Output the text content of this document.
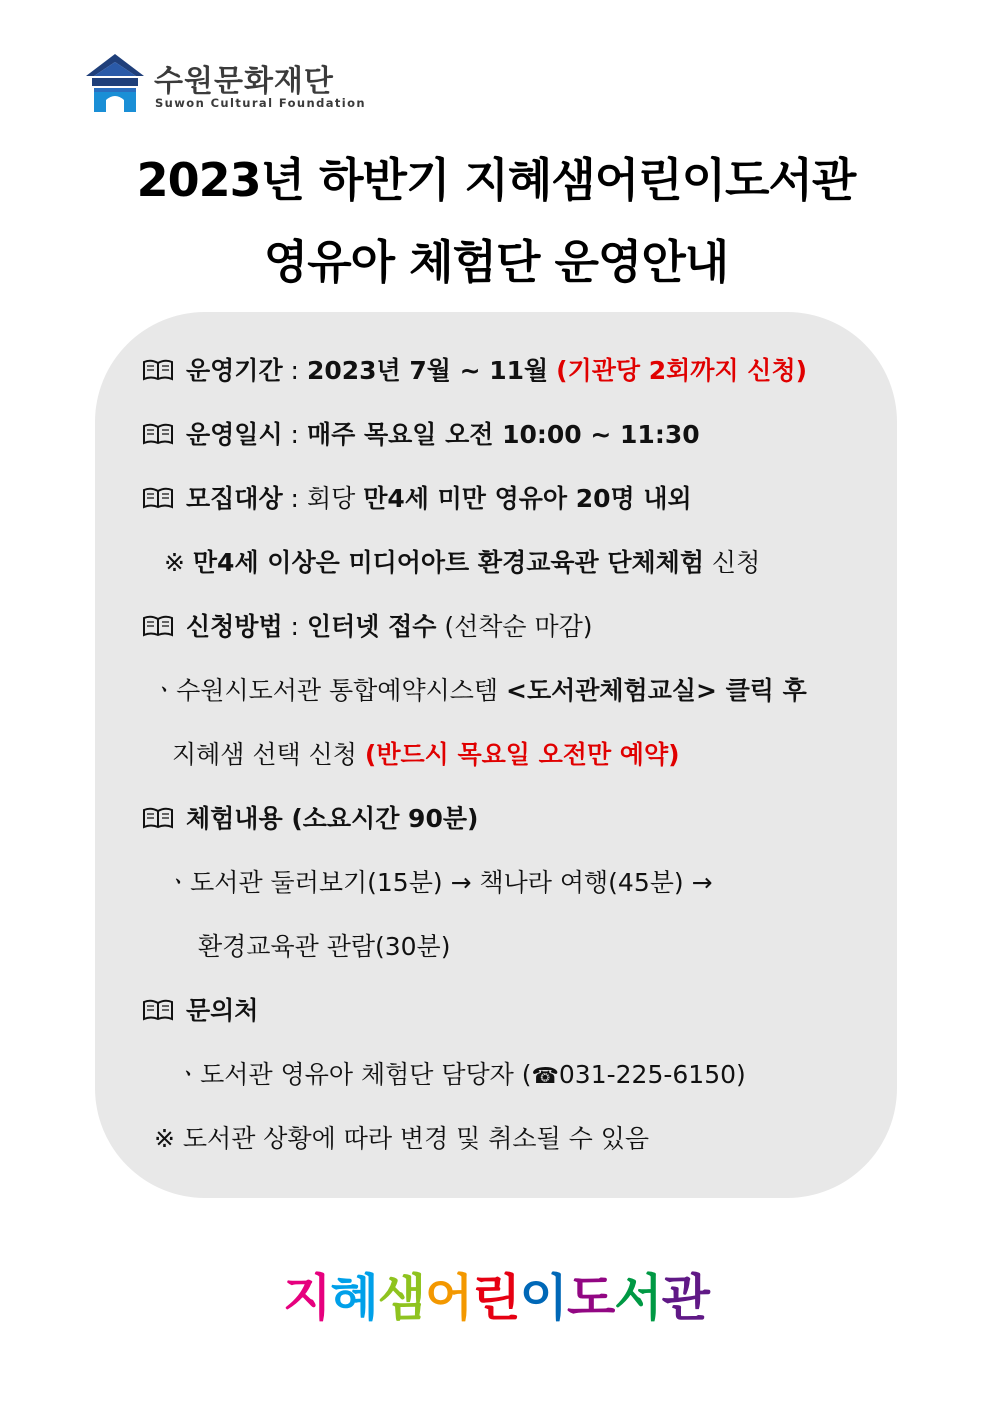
수원문화재단
Suwon Cultural Foundation
2023년 하반기 지혜샘어린이도서관
영유아 체험단 운영안내
운영기간 : 2023년 7월 ~ 11월 (기관당 2회까지 신청)
운영일시 : 매주 목요일 오전 10:00 ~ 11:30
모집대상 : 회당 만4세 미만 영유아 20명 내외
※ 만4세 이상은 미디어아트 환경교육관 단체체험 신청
신청방법 : 인터넷 접수 (선착순 마감)
ㆍ수원시도서관 통합예약시스템 <도서관체험교실> 클릭 후
지혜샘 선택 신청 (반드시 목요일 오전만 예약)
체험내용 (소요시간 90분)
ㆍ도서관 둘러보기(15분) → 책나라 여행(45분) →
환경교육관 관람(30분)
문의처
ㆍ도서관 영유아 체험단 담당자 (☎031-225-6150)
※ 도서관 상황에 따라 변경 및 취소될 수 있음
지혜샘어린이도서관
